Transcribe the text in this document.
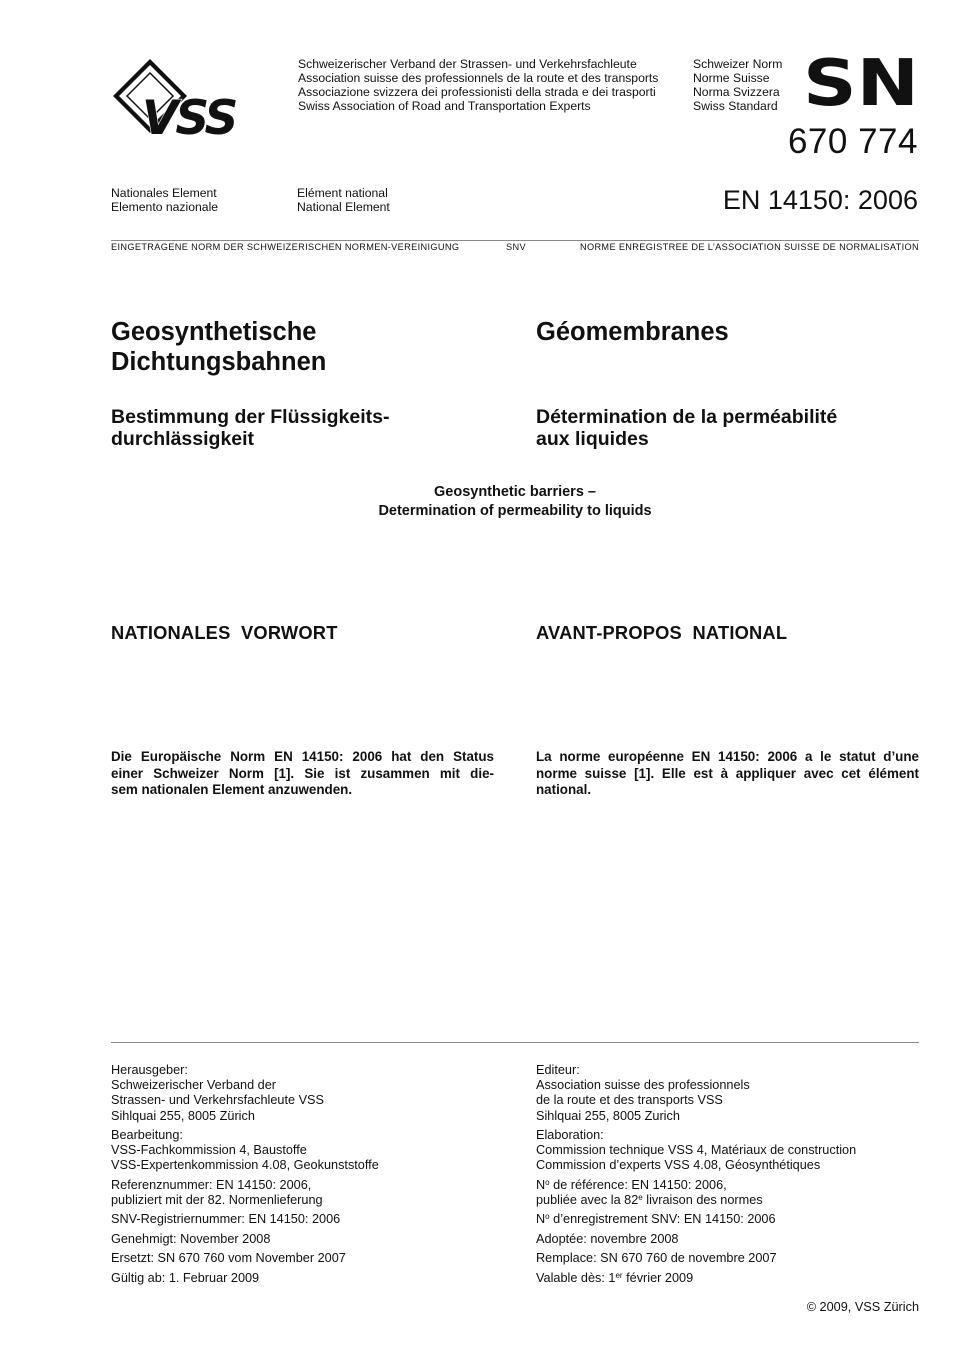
VSS
Schweizerischer Verband der Strassen- und Verkehrsfachleute
Association suisse des professionnels de la route et des transports
Associazione svizzera dei professionisti della strada e dei trasporti
Swiss Association of Road and Transportation Experts
Schweizer Norm
Norme Suisse
Norma Svizzera
Swiss Standard SN
670 774
Nationales Element
Elemento nazionale
Elément national
National Element	EN 14150: 2006
EINGETRAGENE NORM DER SCHWEIZERISCHEN NORMEN-VEREINIGUNG	SNV	NORME ENREGISTREE DE L’ASSOCIATION SUISSE DE NORMALISATION
Geosynthetische
Dichtungsbahnen
Géomembranes
Bestimmung der Flüssigkeits-
durchlässigkeit
Détermination de la perméabilité
aux liquides
Geosynthetic barriers –
Determination of permeability to liquids
NATIONALES  VORWORT	AVANT-PROPOS  NATIONAL
Die Europäische Norm EN 14150: 2006 hat den Status
einer Schweizer Norm [1]. Sie ist zusammen mit die-
sem nationalen Element anzuwenden.
La norme européenne EN 14150: 2006 a le statut d’une
norme suisse [1]. Elle est à appliquer avec cet élément
national.
Herausgeber:
Schweizerischer Verband der
Strassen- und Verkehrsfachleute VSS
Sihlquai 255, 8005 Zürich
Bearbeitung:
VSS-Fachkommission 4, Baustoffe
VSS-Expertenkommission 4.08, Geokunststoffe
Referenznummer: EN 14150: 2006,
publiziert mit der 82. Normenlieferung
SNV-Registriernummer: EN 14150: 2006
Genehmigt: November 2008
Ersetzt: SN 670 760 vom November 2007
Gültig ab: 1. Februar 2009
Editeur:
Association suisse des professionnels
de la route et des transports VSS
Sihlquai 255, 8005 Zurich
Elaboration:
Commission technique VSS 4, Matériaux de construction
Commission d’experts VSS 4.08, Géosynthétiques
$N^o$ de référence: EN 14150: 2006,
publiée avec la 82e livraison des normes
$N^o$ d’enregistrement SNV: EN 14150: 2006
Adoptée: novembre 2008
Remplace: SN 670 760 de novembre 2007
Valable dès: 1er février 2009
© 2009, VSS Zürich
